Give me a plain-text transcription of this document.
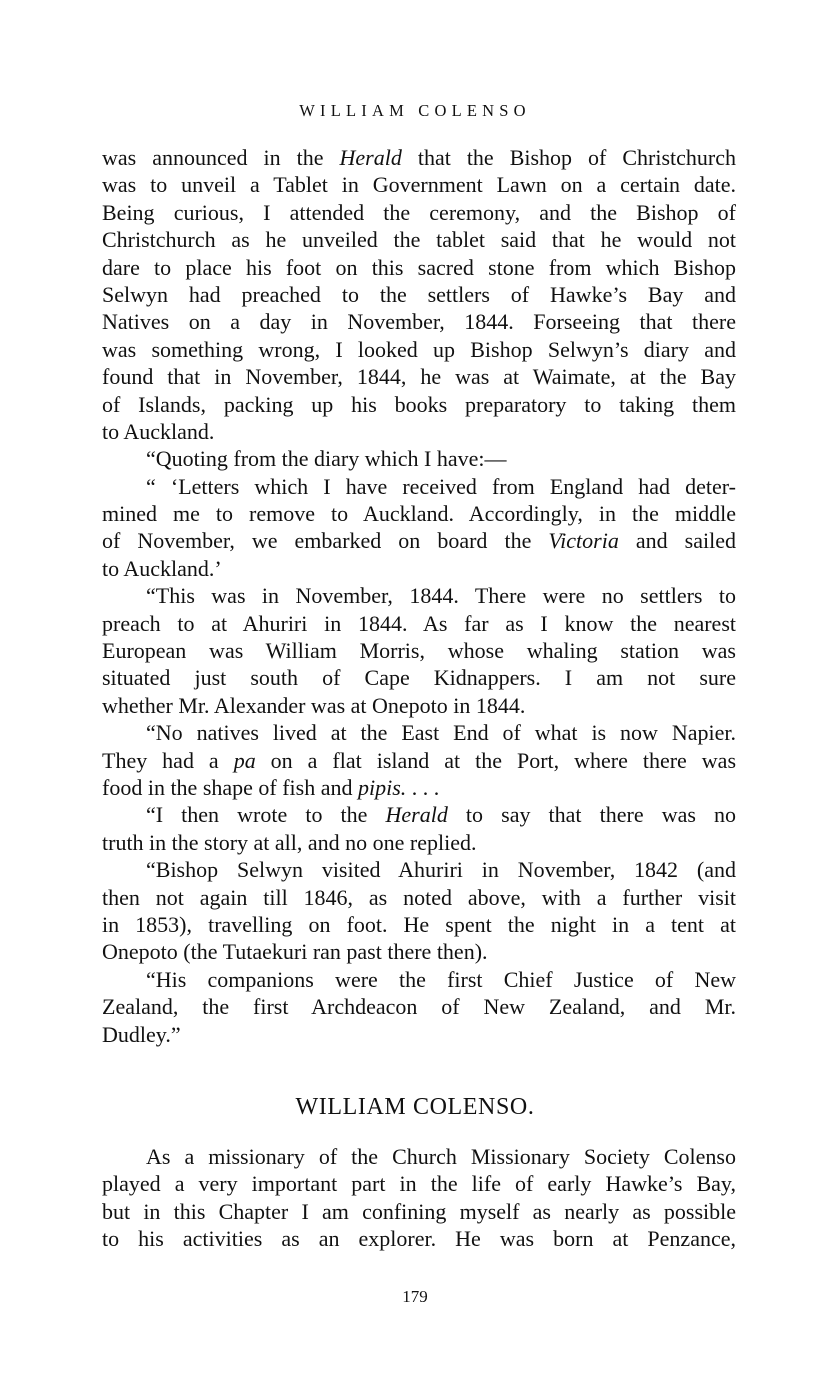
WILLIAM COLENSO
was announced in the Herald that the Bishop of Christchurch
was to unveil a Tablet in Government Lawn on a certain date.
Being curious, I attended the ceremony, and the Bishop of
Christchurch as he unveiled the tablet said that he would not
dare to place his foot on this sacred stone from which Bishop
Selwyn had preached to the settlers of Hawke’s Bay and
Natives on a day in November, 1844. Forseeing that there
was something wrong, I looked up Bishop Selwyn’s diary and
found that in November, 1844, he was at Waimate, at the Bay
of Islands, packing up his books preparatory to taking them
to Auckland.
“Quoting from the diary which I have:—
“ ‘Letters which I have received from England had deter-
mined me to remove to Auckland. Accordingly, in the middle
of November, we embarked on board the Victoria and sailed
to Auckland.’
“This was in November, 1844. There were no settlers to
preach to at Ahuriri in 1844. As far as I know the nearest
European was William Morris, whose whaling station was
situated just south of Cape Kidnappers. I am not sure
whether Mr. Alexander was at Onepoto in 1844.
“No natives lived at the East End of what is now Napier.
They had a pa on a flat island at the Port, where there was
food in the shape of fish and pipis. . . .
“I then wrote to the Herald to say that there was no
truth in the story at all, and no one replied.
“Bishop Selwyn visited Ahuriri in November, 1842 (and
then not again till 1846, as noted above, with a further visit
in 1853), travelling on foot. He spent the night in a tent at
Onepoto (the Tutaekuri ran past there then).
“His companions were the first Chief Justice of New
Zealand, the first Archdeacon of New Zealand, and Mr.
Dudley.”
WILLIAM COLENSO.
As a missionary of the Church Missionary Society Colenso
played a very important part in the life of early Hawke’s Bay,
but in this Chapter I am confining myself as nearly as possible
to his activities as an explorer. He was born at Penzance,
179
